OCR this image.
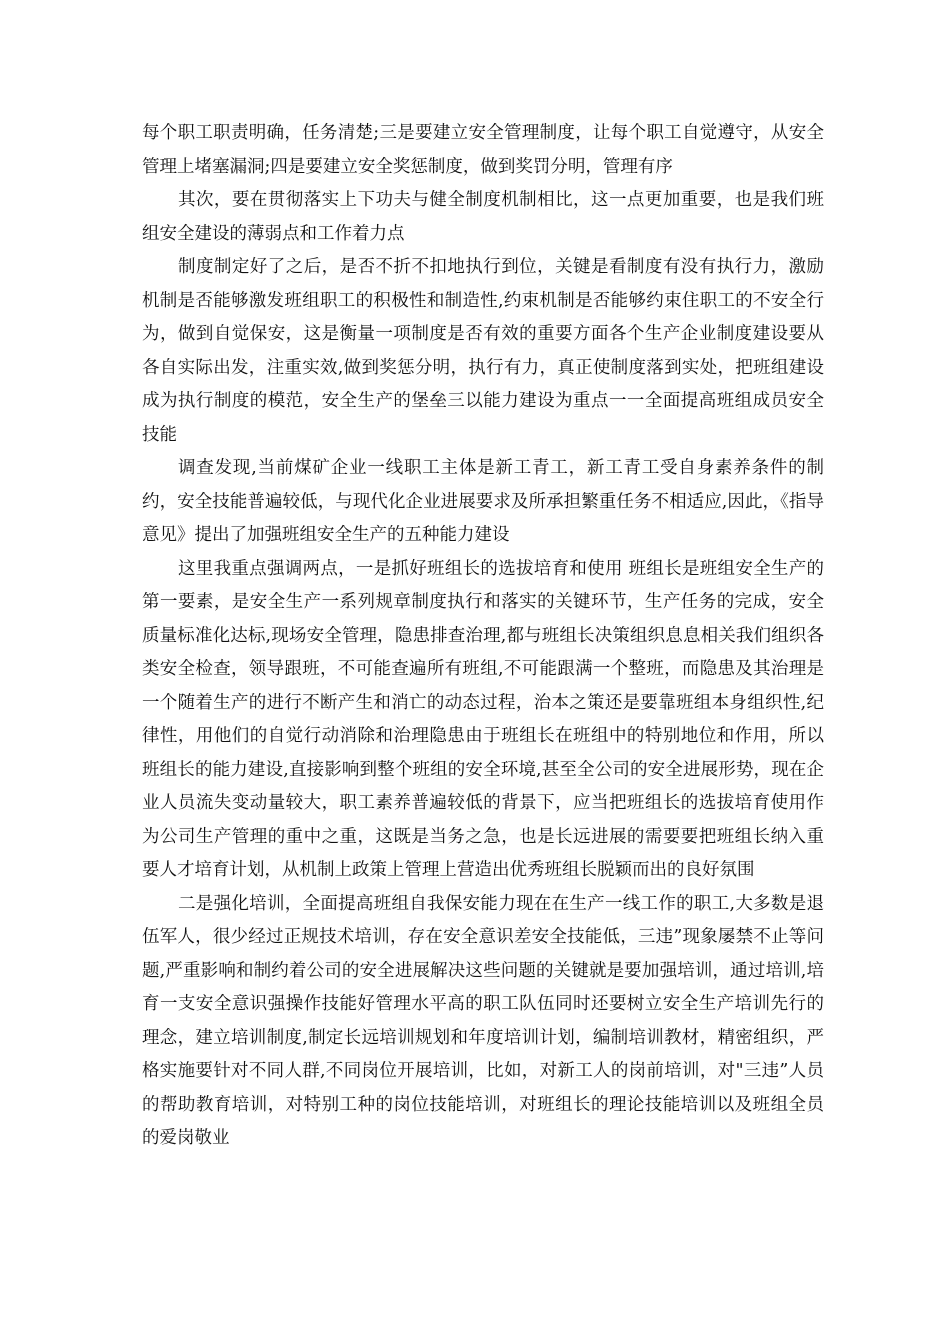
每个职工职责明确，任务清楚;三是要建立安全管理制度，让每个职工自觉遵守，从安全管理上堵塞漏洞;四是要建立安全奖惩制度，做到奖罚分明，管理有序

其次，要在贯彻落实上下功夫与健全制度机制相比，这一点更加重要，也是我们班组安全建设的薄弱点和工作着力点

制度制定好了之后，是否不折不扣地执行到位，关键是看制度有没有执行力，激励机制是否能够激发班组职工的积极性和制造性,约束机制是否能够约束住职工的不安全行为，做到自觉保安，这是衡量一项制度是否有效的重要方面各个生产企业制度建设要从各自实际出发，注重实效,做到奖惩分明，执行有力，真正使制度落到实处，把班组建设成为执行制度的模范，安全生产的堡垒三以能力建设为重点一一全面提高班组成员安全技能

调查发现,当前煤矿企业一线职工主体是新工青工，新工青工受自身素养条件的制约，安全技能普遍较低，与现代化企业进展要求及所承担繁重任务不相适应,因此，《指导意见》提出了加强班组安全生产的五种能力建设

这里我重点强调两点，一是抓好班组长的选拔培育和使用 班组长是班组安全生产的第一要素，是安全生产一系列规章制度执行和落实的关键环节，生产任务的完成，安全质量标准化达标,现场安全管理，隐患排查治理,都与班组长决策组织息息相关我们组织各类安全检查，领导跟班，不可能查遍所有班组,不可能跟满一个整班，而隐患及其治理是一个随着生产的进行不断产生和消亡的动态过程，治本之策还是要靠班组本身组织性,纪律性，用他们的自觉行动消除和治理隐患由于班组长在班组中的特别地位和作用，所以班组长的能力建设,直接影响到整个班组的安全环境,甚至全公司的安全进展形势，现在企业人员流失变动量较大，职工素养普遍较低的背景下，应当把班组长的选拔培育使用作为公司生产管理的重中之重，这既是当务之急，也是长远进展的需要要把班组长纳入重要人才培育计划，从机制上政策上管理上营造出优秀班组长脱颖而出的良好氛围

二是强化培训，全面提高班组自我保安能力现在在生产一线工作的职工,大多数是退伍军人，很少经过正规技术培训，存在安全意识差安全技能低，三违”现象屡禁不止等问题,严重影响和制约着公司的安全进展解决这些问题的关键就是要加强培训，通过培训,培育一支安全意识强操作技能好管理水平高的职工队伍同时还要树立安全生产培训先行的理念，建立培训制度,制定长远培训规划和年度培训计划，编制培训教材，精密组织，严格实施要针对不同人群,不同岗位开展培训，比如，对新工人的岗前培训，对"三违”人员的帮助教育培训，对特别工种的岗位技能培训，对班组长的理论技能培训以及班组全员的爱岗敬业
